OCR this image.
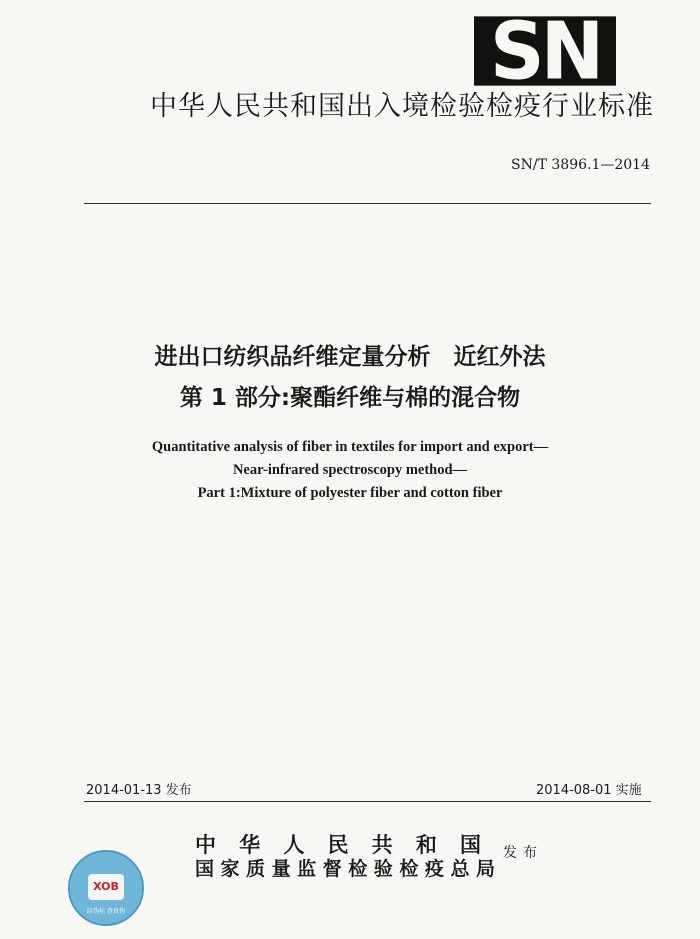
SN
中华人民共和国出入境检验检疫行业标准
SN/T 3896.1—2014
进出口纺织品纤维定量分析　近红外法
第 1 部分:聚酯纤维与棉的混合物
Quantitative analysis of fiber in textiles for import and export—
Near-infrared spectroscopy method—
Part 1:Mixture of polyester fiber and cotton fiber
2014-01-13 发布	2014-08-01 实施
中华人民共和国
国家质量监督检验检疫总局
发布
XOB
防伪标 查真伪
